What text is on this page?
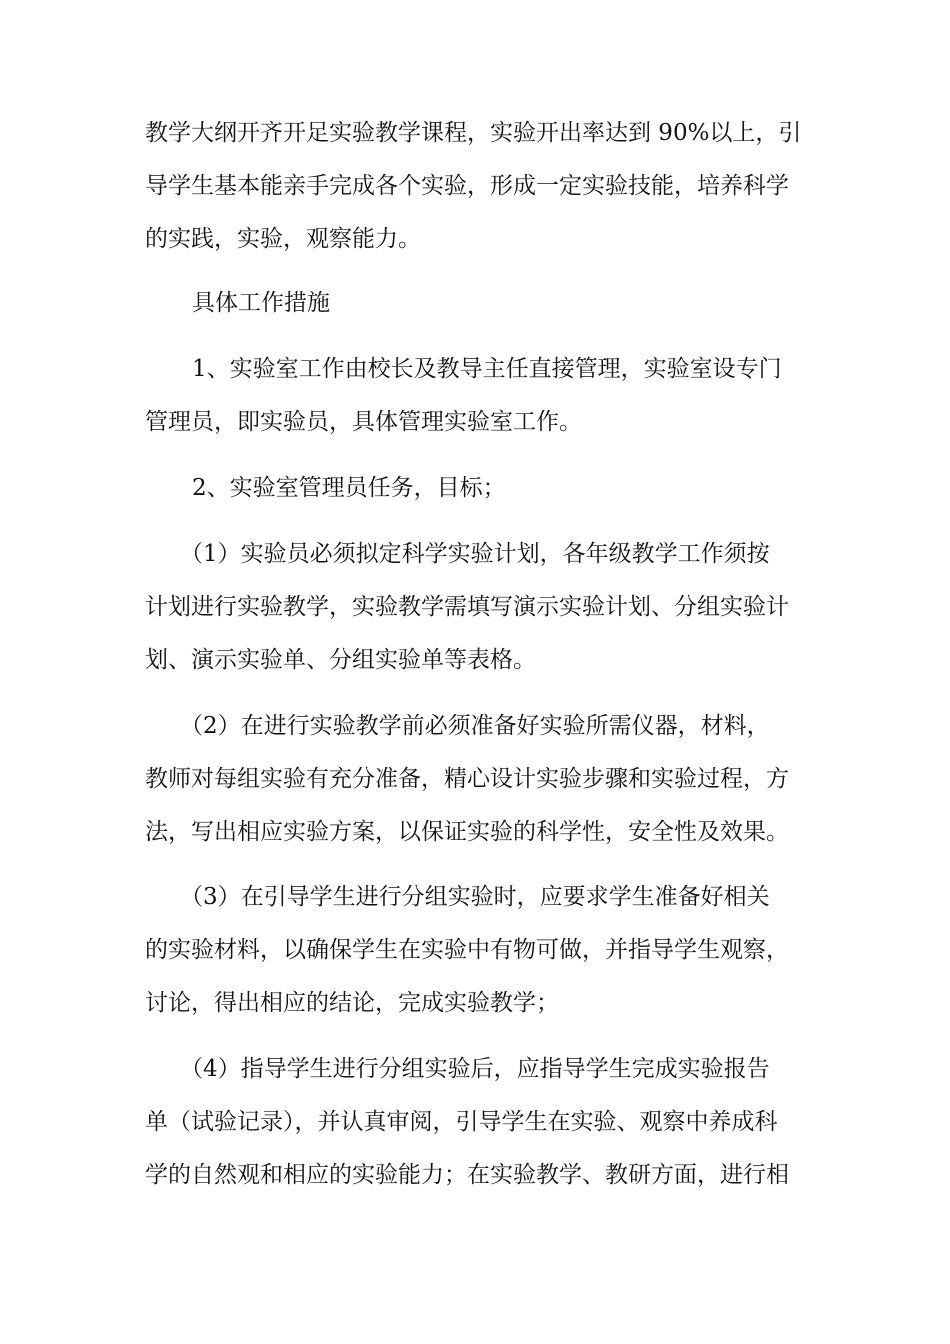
教学大纲开齐开足实验教学课程，实验开出率达到 90%以上，引

导学生基本能亲手完成各个实验，形成一定实验技能，培养科学

的实践，实验，观察能力。

具体工作措施

1、实验室工作由校长及教导主任直接管理，实验室设专门

管理员，即实验员，具体管理实验室工作。

2、实验室管理员任务，目标；

（1）实验员必须拟定科学实验计划，各年级教学工作须按

计划进行实验教学，实验教学需填写演示实验计划、分组实验计

划、演示实验单、分组实验单等表格。

（2）在进行实验教学前必须准备好实验所需仪器，材料，

教师对每组实验有充分准备，精心设计实验步骤和实验过程，方

法，写出相应实验方案，以保证实验的科学性，安全性及效果。

（3）在引导学生进行分组实验时，应要求学生准备好相关

的实验材料，以确保学生在实验中有物可做，并指导学生观察，

讨论，得出相应的结论，完成实验教学；

（4）指导学生进行分组实验后，应指导学生完成实验报告

单（试验记录），并认真审阅，引导学生在实验、观察中养成科

学的自然观和相应的实验能力；在实验教学、教研方面，进行相
